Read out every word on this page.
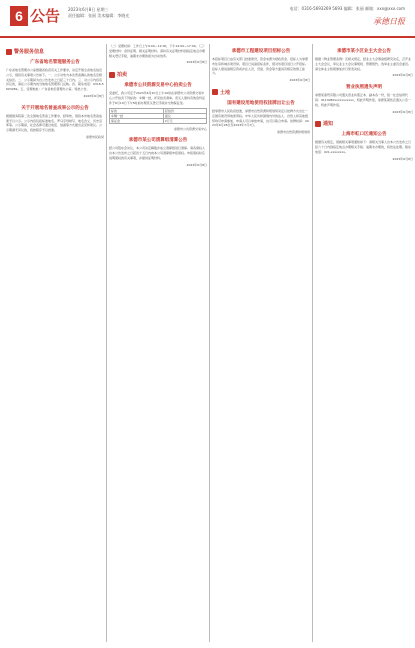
6 公告 2023年6月8日 星期三
责任编辑：张丽 美术编辑：李晓光
电话：0316-5693269 5693 编辑：张丽 邮箱：xxx@xxx.com
承德日报
警务服务信息
广东省地名管理服务公告
广东省地名管理办公室根据省政府有关工作要求，决定开展全省地名信息公示，现将有关事项公告如下。一、公示对象为本次普查确认的地名及相关信息。二、公示期间为自公告发布之日起三十日内。三、对公示内容有异议的，请在公示期内向当地地名管理部门反映。四、联系电话：0316-5693269。五、受理地址：广东省地名管理办公室。特此公告。
2023年6月8日
关于开展地名普查成果公示的公告
根据国务院第二次全国地名普查工作要求，经审核，现将本市地名普查成果予以公示。公示内容包括标准地名、罗马字母拼写、地名含义、历史沿革等。公示期间，社会各界可通过电话、信函等方式提出意见和建议。公示期满无异议的，将按程序予以批准。
承德市民政局
（二）受理时间：工作日上午9:00—12:00，下午14:00—17:00。（三）受理材料：身份证明、相关证明材料。请持有关证明材料到指定地点办理相关登记手续，逾期未办理的视为自动放弃。
2023年6月8日
拍卖
承德市公共资源交易中心拍卖公告
受委托，我公司定于2023年6月20日上午10时在承德市公共资源交易中心公开拍卖下列标的：车辆一批，详见拍卖清单。竞买人须持有效身份证件于6月19日下午5时前办理竞买登记手续并交纳保证金。
标的	起拍价
车辆一批	面议
保证金	2万元
承德市公共资源交易中心
承德市某公司清算组清算公告
经公司股东会决议，本公司决定解散并成立清算组进行清算。请各债权人自本公告发布之日起四十五日内向本公司清算组申报债权。申报债权时应说明债权的有关事项，并提供证明材料。
2023年6月8日
承德市工程建设项目招标公告
本招标项目已由有关部门批准建设，资金来源为财政资金，招标人为承德市住房和城乡建设局。项目已具备招标条件，现对该项目进行公开招标。投标人须具备相应资质并在人员、设备、资金等方面具有相应的施工能力。
2023年6月8日
土地
国有建设用地使用权挂牌出让公告
经承德市人民政府批准，承德市自然资源和规划局决定以挂牌方式出让一宗国有建设用地使用权。中华人民共和国境内外的法人、自然人和其他组织均可申请参加，申请人可以单独申请，也可以联合申请。挂牌时间：2023年6月28日至2023年7月7日。
承德市自然资源和规划局
承德市某小区业主大会公告
根据《物业管理条例》及相关规定，经业主大会筹备组研究决定，召开业主大会会议，审议业主大会议事规则、管理规约，选举业主委员会委员。请全体业主积极参加并行使表决权。
2023年6月8日
营业执照遗失声明
承德某商贸有限公司遗失营业执照正本、副本各一份，统一社会信用代码：9113080xxxxxxxxxxx，特此声明作废。承德某餐饮店遗失公章一枚，特此声明作废。
2023年6月8日
通知
上海市虹口区通知公告
根据有关规定，现就相关事项通知如下：请相关当事人自本公告发布之日起六十日内到指定地点办理相关手续。逾期未办理的，将依法处理。联系电话：021-xxxxxxxx。
2023年6月8日
